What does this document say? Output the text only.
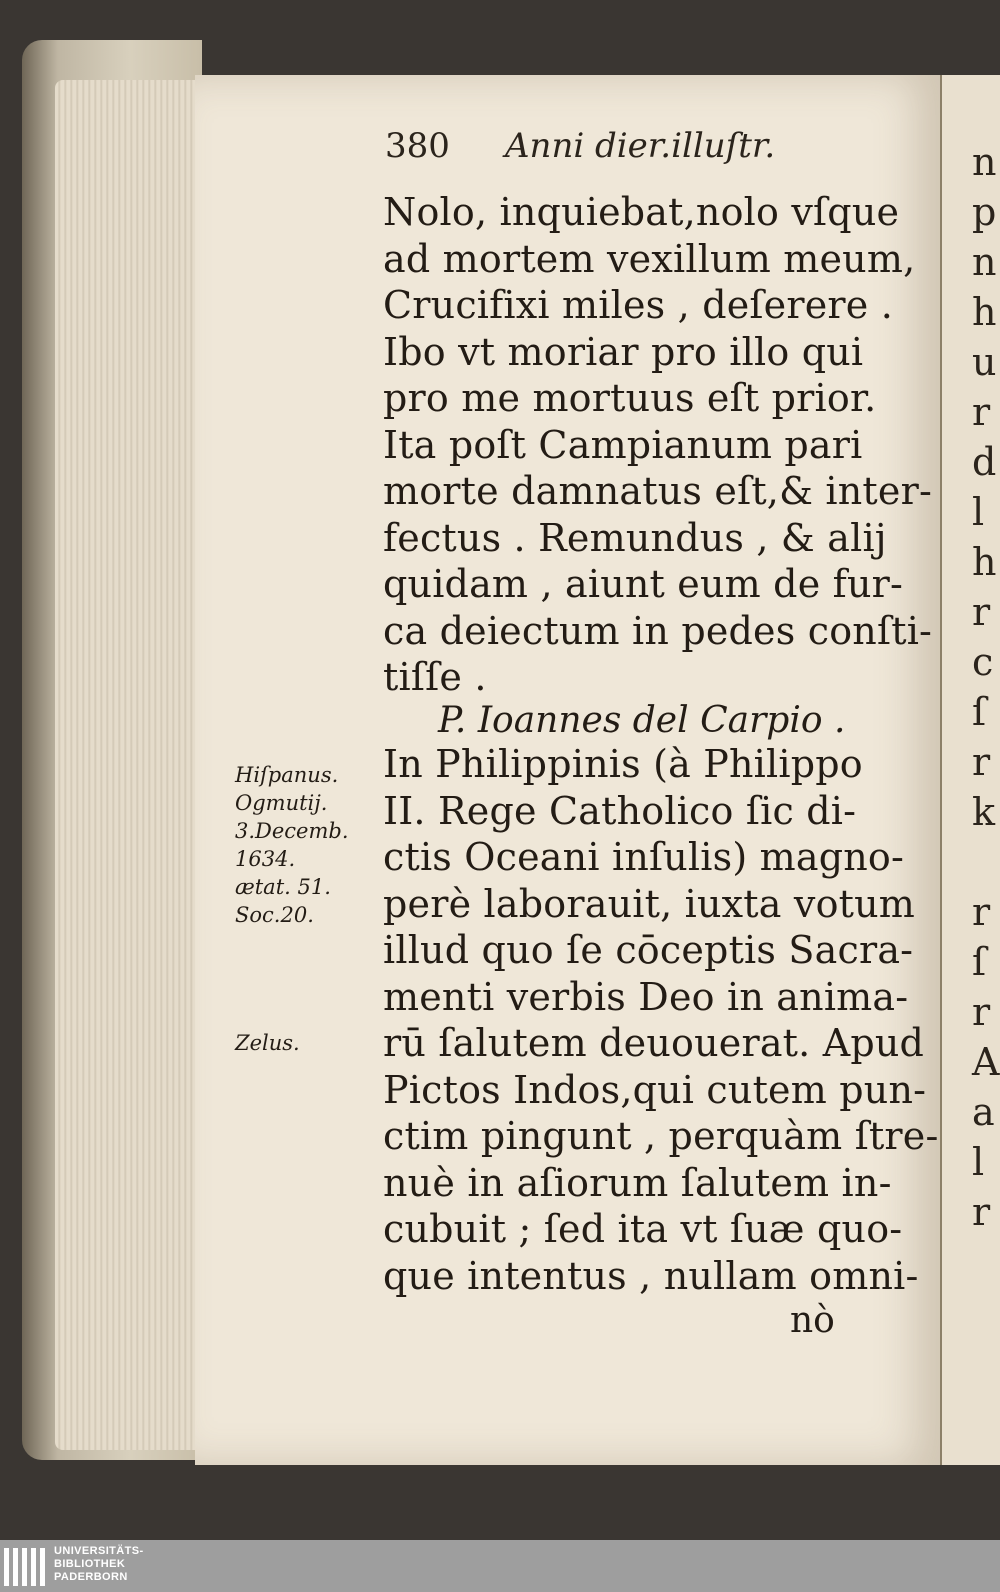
n
p
n
h
u
r
d
l
h
r
c
ſ
r
k
r
ſ
r
A
a
l
r
380 Anni dier.illuſtr.
Nolo, inquiebat,nolo vſque
ad mortem vexillum meum,
Crucifixi miles , deſerere .
Ibo vt moriar pro illo qui
pro me mortuus eſt prior.
Ita poſt Campianum pari
morte damnatus eſt,& inter-
fectus . Remundus , & alij
quidam , aiunt eum de fur-
ca deiectum in pedes conſti-
tiſſe .
P. Ioannes del Carpio .
In Philippinis (à Philippo
II. Rege Catholico ſic di-
ctis Oceani inſulis) magno-
perè laborauit, iuxta votum
illud quo ſe cōceptis Sacra-
menti verbis Deo in anima-
rū ſalutem deuouerat. Apud
Pictos Indos,qui cutem pun-
ctim pingunt , perquàm ſtre-
nuè in aſiorum ſalutem in-
cubuit ; ſed ita vt ſuæ quo-
que intentus , nullam omni-
Hiſpanus.
Ogmutij.
3.Decemb.
1634.
ætat. 51.
Soc.20.
Zelus.
nò
UNIVERSITÄTS-
BIBLIOTHEK
PADERBORN
